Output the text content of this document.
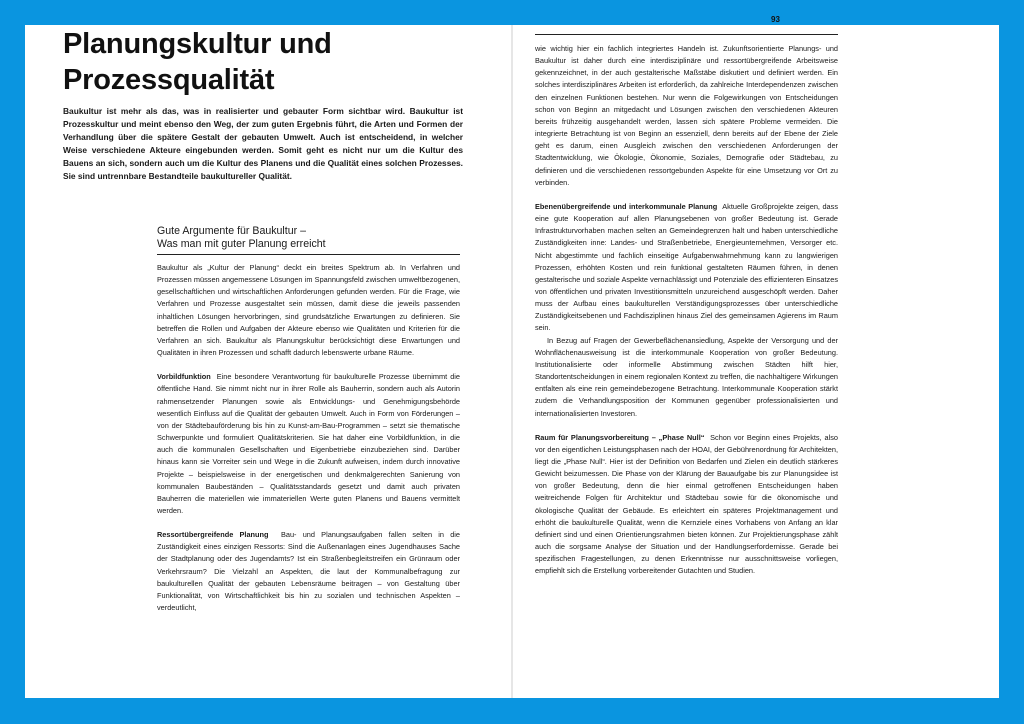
Planungskultur und
Prozessqualität

Baukultur ist mehr als das, was in realisierter und gebauter Form sichtbar wird. Baukultur ist Prozesskultur und meint ebenso den Weg, der zum guten Ergebnis führt, die Arten und Formen der Verhandlung über die spätere Gestalt der gebauten Umwelt. Auch ist entscheidend, in welcher Weise verschiedene Akteure eingebunden werden. Somit geht es nicht nur um die Kultur des Bauens an sich, sondern auch um die Kultur des Planens und die Qualität eines solchen Prozesses. Sie sind untrennbare Bestandteile baukultureller Qualität.

Gute Argumente für Baukultur –
Was man mit guter Planung erreicht

Baukultur als „Kultur der Planung“ deckt ein breites Spektrum ab. In Verfahren und Prozessen müssen angemessene Lösungen im Spannungsfeld zwischen umweltbezogenen, gesellschaftlichen und wirtschaftlichen Anforderungen gefunden werden. Für die Frage, wie Verfahren und Prozesse ausgestaltet sein müssen, damit diese die jeweils passenden inhaltlichen Lösungen hervorbringen, sind grundsätzliche Erwartungen zu definieren. Sie betreffen die Rollen und Aufgaben der Akteure ebenso wie Qualitäten und Kriterien für die Verfahren an sich. Baukultur als Planungskultur berücksichtigt diese Erwartungen und Qualitäten in ihren Prozessen und schafft dadurch lebenswerte urbane Räume.

Vorbildfunktion Eine besondere Verantwortung für baukulturelle Prozesse übernimmt die öffentliche Hand. Sie nimmt nicht nur in ihrer Rolle als Bauherrin, sondern auch als Autorin rahmensetzender Planungen sowie als Entwicklungs- und Genehmigungsbehörde wesentlich Einfluss auf die Qualität der gebauten Umwelt. Auch in Form von Förderungen – von der Städtebauförderung bis hin zu Kunst-am-Bau-Programmen – setzt sie thematische Schwerpunkte und formuliert Qualitätskriterien. Sie hat daher eine Vorbildfunktion, in die auch die kommunalen Gesellschaften und Eigenbetriebe einzubeziehen sind. Darüber hinaus kann sie Vorreiter sein und Wege in die Zukunft aufweisen, indem durch innovative Projekte – beispielsweise in der energetischen und denkmalgerechten Sanierung von kommunalen Baubeständen – Qualitätsstandards gesetzt und damit auch privaten Bauherren die materiellen wie immateriellen Werte guten Planens und Bauens vermittelt werden.

Ressortübergreifende Planung Bau- und Planungsaufgaben fallen selten in die Zuständigkeit eines einzigen Ressorts: Sind die Außenanlagen eines Jugendhauses Sache der Stadtplanung oder des Jugendamts? Ist ein Straßenbegleitstreifen ein Grünraum oder Verkehrsraum? Die Vielzahl an Aspekten, die laut der Kommunalbefragung zur baukulturellen Qualität der gebauten Lebensräume beitragen – von Gestaltung über Funktionalität, von Wirtschaftlichkeit bis hin zu sozialen und technischen Aspekten – verdeutlicht,

93

wie wichtig hier ein fachlich integriertes Handeln ist. Zukunftsorientierte Planungs- und Baukultur ist daher durch eine interdisziplinäre und ressortübergreifende Arbeitsweise gekennzeichnet, in der auch gestalterische Maßstäbe diskutiert und definiert werden. Ein solches interdisziplinäres Arbeiten ist erforderlich, da zahlreiche Interdependenzen zwischen den einzelnen Funktionen bestehen. Nur wenn die Folgewirkungen von Entscheidungen schon von Beginn an mitgedacht und Lösungen zwischen den verschiedenen Akteuren bereits frühzeitig ausgehandelt werden, lassen sich spätere Probleme vermeiden. Die integrierte Betrachtung ist von Beginn an essenziell, denn bereits auf der Ebene der Ziele geht es darum, einen Ausgleich zwischen den verschiedenen Anforderungen der Stadtentwicklung, wie Ökologie, Ökonomie, Soziales, Demografie oder Städtebau, zu definieren und die verschiedenen ressortgebunden Aspekte für eine Umsetzung vor Ort zu verbinden.

Ebenenübergreifende und interkommunale Planung Aktuelle Großprojekte zeigen, dass eine gute Kooperation auf allen Planungsebenen von großer Bedeutung ist. Gerade Infrastrukturvorhaben machen selten an Gemeindegrenzen halt und haben unterschiedliche Zuständigkeiten inne: Landes- und Straßenbetriebe, Energieunternehmen, Versorger etc. Nicht abgestimmte und fachlich einseitige Aufgabenwahrnehmung kann zu langwierigen Prozessen, erhöhten Kosten und rein funktional gestalteten Räumen führen, in denen gestalterische und soziale Aspekte vernachlässigt und Potenziale des effizienteren Einsatzes von öffentlichen und privaten Investitionsmitteln unzureichend ausgeschöpft werden. Daher muss der Aufbau eines baukulturellen Verständigungsprozesses über unterschiedliche Zuständigkeitsebenen und Fachdisziplinen hinaus Ziel des gemeinsamen Agierens im Raum sein.

In Bezug auf Fragen der Gewerbeflächenansiedlung, Aspekte der Versorgung und der Wohnflächenausweisung ist die interkommunale Kooperation von großer Bedeutung. Institutionalisierte oder informelle Abstimmung zwischen Städten hilft hier, Standortentscheidungen in einem regionalen Kontext zu treffen, die nachhaltigere Wirkungen entfalten als eine rein gemeindebezogene Betrachtung. Interkommunale Kooperation stärkt zudem die Verhandlungsposition der Kommunen gegenüber professionalisierten und internationalisierten Investoren.

Raum für Planungsvorbereitung – „Phase Null“ Schon vor Beginn eines Projekts, also vor den eigentlichen Leistungsphasen nach der HOAI, der Gebührenordnung für Architekten, liegt die „Phase Null“. Hier ist der Definition von Bedarfen und Zielen ein deutlich stärkeres Gewicht beizumessen. Die Phase von der Klärung der Bauaufgabe bis zur Planungsidee ist von großer Bedeutung, denn die hier einmal getroffenen Entscheidungen haben weitreichende Folgen für Architektur und Städtebau sowie für die ökonomische und ökologische Qualität der Gebäude. Es erleichtert ein späteres Projektmanagement und erhöht die baukulturelle Qualität, wenn die Kernziele eines Vorhabens von Anfang an klar definiert sind und einen Orientierungsrahmen bieten können. Zur Projektierungsphase zählt auch die sorgsame Analyse der Situation und der Handlungserfordernisse. Gerade bei spezifischen Fragestellungen, zu denen Erkenntnisse nur ausschnittsweise vorliegen, empfiehlt sich die Erstellung vorbereitender Gutachten und Studien.
